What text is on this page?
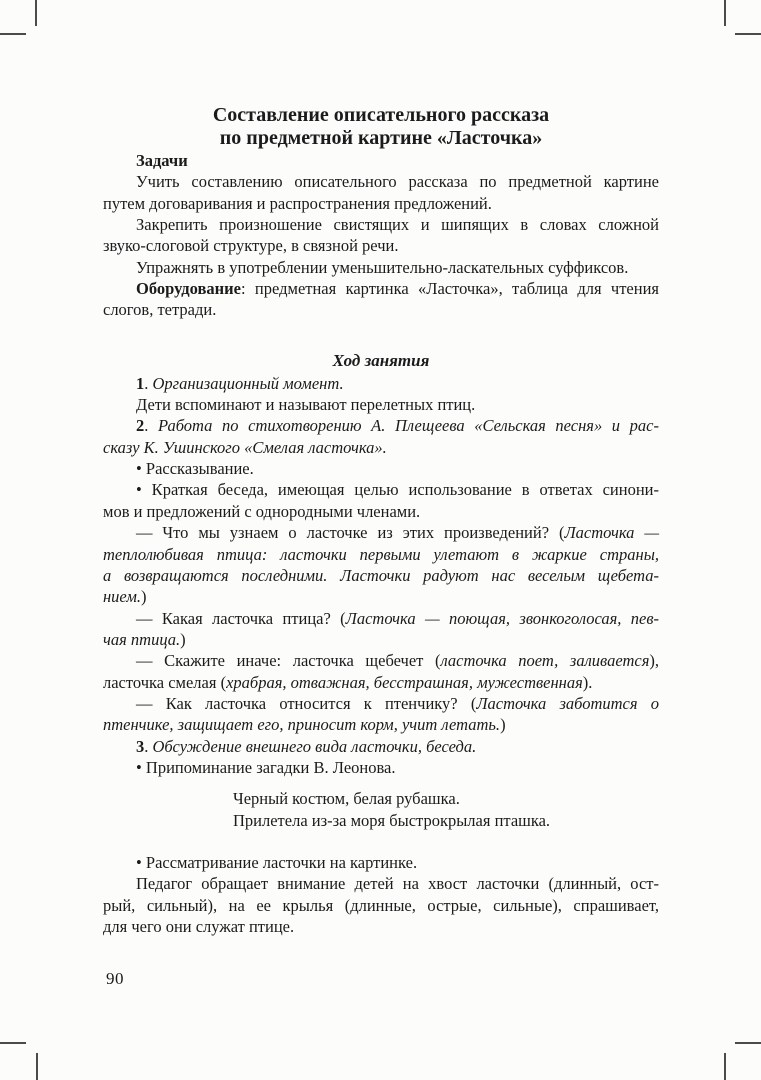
Составление описательного рассказа
по предметной картине «Ласточка»
Задачи
Учить составлению описательного рассказа по предметной картине
путем договаривания и распространения предложений.
Закрепить произношение свистящих и шипящих в словах сложной
звуко-слоговой структуре, в связной речи.
Упражнять в употреблении уменьшительно-ласкательных суффиксов.
Оборудование: предметная картинка «Ласточка», таблица для чтения
слогов, тетради.
Ход занятия
1. Организационный момент.
Дети вспоминают и называют перелетных птиц.
2. Работа по стихотворению А. Плещеева «Сельская песня» и рас-
сказу К. Ушинского «Смелая ласточка».
• Рассказывание.
• Краткая беседа, имеющая целью использование в ответах синони-
мов и предложений с однородными членами.
— Что мы узнаем о ласточке из этих произведений? (Ласточка —
теплолюбивая птица: ласточки первыми улетают в жаркие страны,
а возвращаются последними. Ласточки радуют нас веселым щебета-
нием.)
— Какая ласточка птица? (Ласточка — поющая, звонкоголосая, пев-
чая птица.)
— Скажите иначе: ласточка щебечет (ласточка поет, заливается),
ласточка смелая (храбрая, отважная, бесстрашная, мужественная).
— Как ласточка относится к птенчику? (Ласточка заботится о
птенчике, защищает его, приносит корм, учит летать.)
3. Обсуждение внешнего вида ласточки, беседа.
• Припоминание загадки В. Леонова.
Черный костюм, белая рубашка.
Прилетела из-за моря быстрокрылая пташка.
• Рассматривание ласточки на картинке.
Педагог обращает внимание детей на хвост ласточки (длинный, ост-
рый, сильный), на ее крылья (длинные, острые, сильные), спрашивает,
для чего они служат птице.
90
